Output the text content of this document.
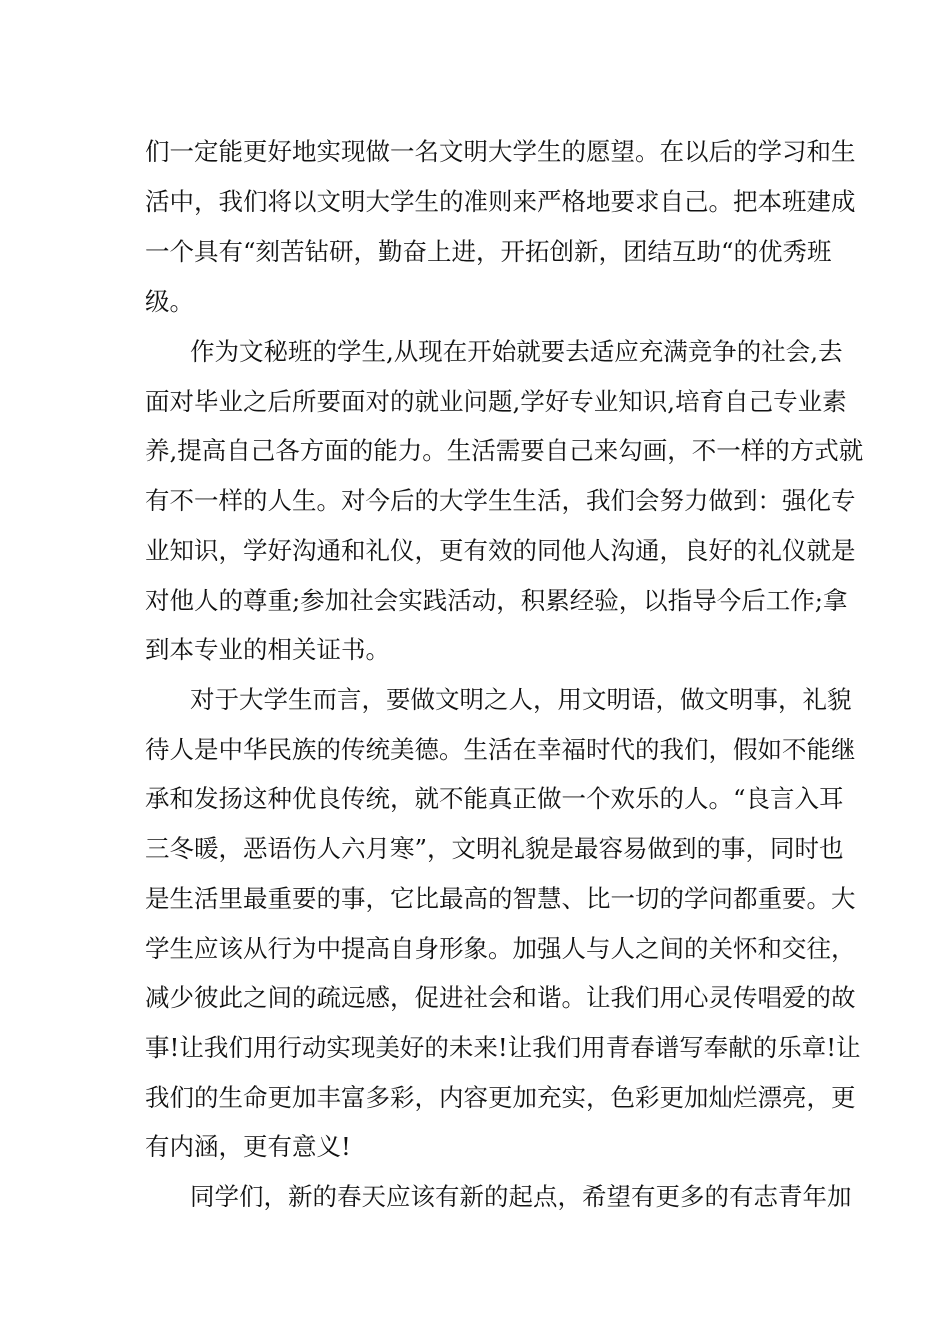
们一定能更好地实现做一名文明大学生的愿望。在以后的学习和生
活中，我们将以文明大学生的准则来严格地要求自己。把本班建成
一个具有“刻苦钻研，勤奋上进，开拓创新，团结互助“的优秀班
级。
作为文秘班的学生,从现在开始就要去适应充满竞争的社会,去
面对毕业之后所要面对的就业问题,学好专业知识,培育自己专业素
养,提高自己各方面的能力。生活需要自己来勾画，不一样的方式就
有不一样的人生。对今后的大学生生活，我们会努力做到：强化专
业知识，学好沟通和礼仪，更有效的同他人沟通，良好的礼仪就是
对他人的尊重;参加社会实践活动，积累经验，以指导今后工作;拿
到本专业的相关证书。
对于大学生而言，要做文明之人，用文明语，做文明事，礼貌
待人是中华民族的传统美德。生活在幸福时代的我们，假如不能继
承和发扬这种优良传统，就不能真正做一个欢乐的人。“良言入耳
三冬暖，恶语伤人六月寒”，文明礼貌是最容易做到的事，同时也
是生活里最重要的事，它比最高的智慧、比一切的学问都重要。大
学生应该从行为中提高自身形象。加强人与人之间的关怀和交往，
减少彼此之间的疏远感，促进社会和谐。让我们用心灵传唱爱的故
事!让我们用行动实现美好的未来!让我们用青春谱写奉献的乐章!让
我们的生命更加丰富多彩，内容更加充实，色彩更加灿烂漂亮，更
有内涵，更有意义!
同学们，新的春天应该有新的起点，希望有更多的有志青年加
